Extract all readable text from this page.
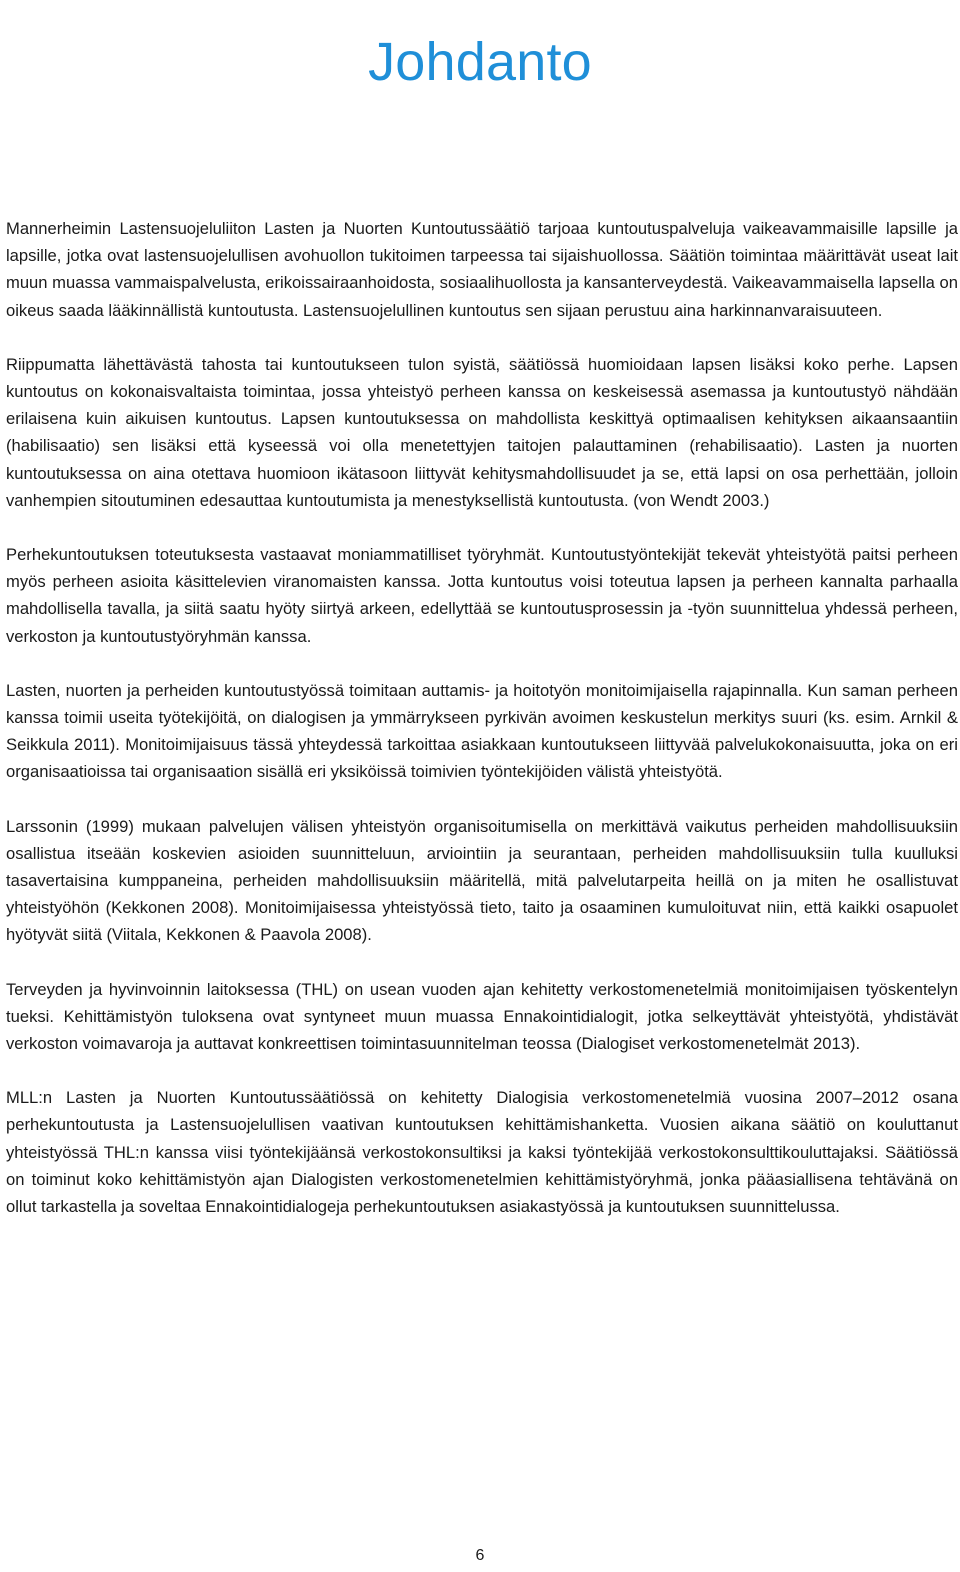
Johdanto

Mannerheimin Lastensuojeluliiton Lasten ja Nuorten Kuntoutussäätiö tarjoaa kuntoutuspalveluja vaikeavammaisille lapsille ja lapsille, jotka ovat lastensuojelullisen avohuollon tukitoimen tarpeessa tai sijaishuollossa. Säätiön toimintaa määrittävät useat lait muun muassa vammaispalvelusta, erikoissairaanhoidosta, sosiaalihuollosta ja kansanterveydestä. Vaikeavammaisella lapsella on oikeus saada lääkinnällistä kuntoutusta. Lastensuojelullinen kuntoutus sen sijaan perustuu aina harkinnanvaraisuuteen.

Riippumatta lähettävästä tahosta tai kuntoutukseen tulon syistä, säätiössä huomioidaan lapsen lisäksi koko perhe. Lapsen kuntoutus on kokonaisvaltaista toimintaa, jossa yhteistyö perheen kanssa on keskeisessä asemassa ja kuntoutustyö nähdään erilaisena kuin aikuisen kuntoutus. Lapsen kuntoutuksessa on mahdollista keskittyä optimaalisen kehityksen aikaansaantiin (habilisaatio) sen lisäksi että kyseessä voi olla menetettyjen taitojen palauttaminen (rehabilisaatio). Lasten ja nuorten kuntoutuksessa on aina otettava huomioon ikätasoon liittyvät kehitysmahdollisuudet ja se, että lapsi on osa perhettään, jolloin vanhempien sitoutuminen edesauttaa kuntoutumista ja menestyksellistä kuntoutusta. (von Wendt 2003.)

Perhekuntoutuksen toteutuksesta vastaavat moniammatilliset työryhmät. Kuntoutustyöntekijät tekevät yhteistyötä paitsi perheen myös perheen asioita käsittelevien viranomaisten kanssa. Jotta kuntoutus voisi toteutua lapsen ja perheen kannalta parhaalla mahdollisella tavalla, ja siitä saatu hyöty siirtyä arkeen, edellyttää se kuntoutusprosessin ja -työn suunnittelua yhdessä perheen, verkoston ja kuntoutustyöryhmän kanssa.

Lasten, nuorten ja perheiden kuntoutustyössä toimitaan auttamis- ja hoitotyön monitoimijaisella rajapinnalla. Kun saman perheen kanssa toimii useita työtekijöitä, on dialogisen ja ymmärrykseen pyrkivän avoimen keskustelun merkitys suuri (ks. esim. Arnkil & Seikkula 2011). Monitoimijaisuus tässä yhteydessä tarkoittaa asiakkaan kuntoutukseen liittyvää palvelukokonaisuutta, joka on eri organisaatioissa tai organisaation sisällä eri yksiköissä toimivien työntekijöiden välistä yhteistyötä.

Larssonin (1999) mukaan palvelujen välisen yhteistyön organisoitumisella on merkittävä vaikutus perheiden mahdollisuuksiin osallistua itseään koskevien asioiden suunnitteluun, arviointiin ja seurantaan, perheiden mahdollisuuksiin tulla kuulluksi tasavertaisina kumppaneina, perheiden mahdollisuuksiin määritellä, mitä palvelutarpeita heillä on ja miten he osallistuvat yhteistyöhön (Kekkonen 2008). Monitoimijaisessa yhteistyössä tieto, taito ja osaaminen kumuloituvat niin, että kaikki osapuolet hyötyvät siitä (Viitala, Kekkonen & Paavola 2008).

Terveyden ja hyvinvoinnin laitoksessa (THL) on usean vuoden ajan kehitetty verkostomenetelmiä monitoimijaisen työskentelyn tueksi. Kehittämistyön tuloksena ovat syntyneet muun muassa Ennakointidialogit, jotka selkeyttävät yhteistyötä, yhdistävät verkoston voimavaroja ja auttavat konkreettisen toimintasuunnitelman teossa (Dialogiset verkostomenetelmät 2013).

MLL:n Lasten ja Nuorten Kuntoutussäätiössä on kehitetty Dialogisia verkostomenetelmiä vuosina 2007–2012 osana perhekuntoutusta ja Lastensuojelullisen vaativan kuntoutuksen kehittämishanketta. Vuosien aikana säätiö on kouluttanut yhteistyössä THL:n kanssa viisi työntekijäänsä verkostokonsultiksi ja kaksi työntekijää verkostokonsulttikouluttajaksi. Säätiössä on toiminut koko kehittämistyön ajan Dialogisten verkostomenetelmien kehittämistyöryhmä, jonka pääasiallisena tehtävänä on ollut tarkastella ja soveltaa Ennakointidialogeja perhekuntoutuksen asiakastyössä ja kuntoutuksen suunnittelussa.

6
